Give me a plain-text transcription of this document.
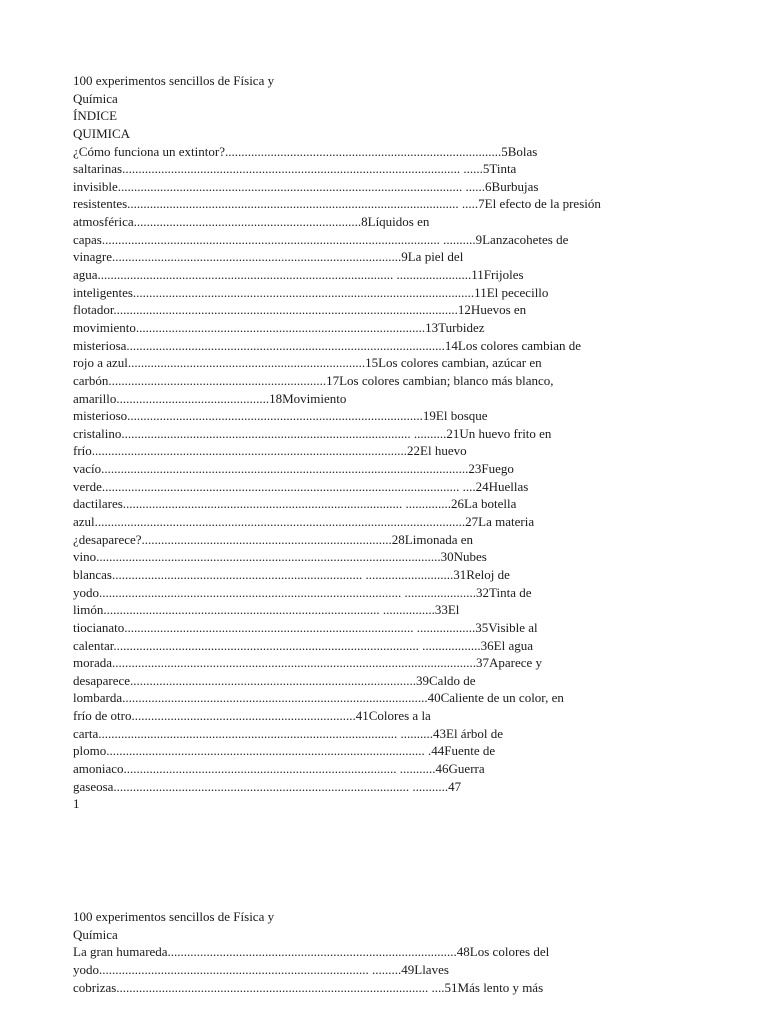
100 experimentos sencillos de Física y
Química
ÍNDICE
QUIMICA
¿Cómo funciona un extintor?.....................................................................................5Bolas
saltarinas........................................................................................................ ......5Tinta
invisible.......................................................................................................... ......6Burbujas
resistentes...................................................................................................... .....7El efecto de la presión
atmosférica......................................................................8Líquidos en
capas........................................................................................................ ..........9Lanzacohetes de
vinagre.........................................................................................9La piel del
agua........................................................................................... .......................11Frijoles
inteligentes.........................................................................................................11El pececillo
flotador..........................................................................................................12Huevos en
movimiento.........................................................................................13Turbidez
misteriosa..................................................................................................14Los colores cambian de
rojo a azul.........................................................................15Los colores cambian, azúcar en
carbón...................................................................17Los colores cambian; blanco más blanco,
amarillo...............................................18Movimiento
misterioso...........................................................................................19El bosque
cristalino......................................................................................... ..........21Un huevo frito en
frío.................................................................................................22El huevo
vacío.................................................................................................................23Fuego
verde.............................................................................................................. ....24Huellas
dactilares...................................................................................... ..............26La botella
azul..................................................................................................................27La materia
¿desaparece?.............................................................................28Limonada en
vino..........................................................................................................30Nubes
blancas............................................................................. ...........................31Reloj de
yodo............................................................................................. ......................32Tinta de
limón..................................................................................... ................33El
tiocianato......................................................................................... ..................35Visible al
calentar.............................................................................................. ..................36El agua
morada................................................................................................................37Aparece y
desaparece........................................................................................39Caldo de
lombarda..............................................................................................40Caliente de un color, en
frío de otro.....................................................................41Colores a la
carta............................................................................................ ..........43El árbol de
plomo.................................................................................................. .44Fuente de
amoniaco.................................................................................... ...........46Guerra
gaseosa........................................................................................... ...........47
1
100 experimentos sencillos de Física y
Química
La gran humareda.........................................................................................48Los colores del
yodo................................................................................... .........49Llaves
cobrizas................................................................................................ ....51Más lento y más
